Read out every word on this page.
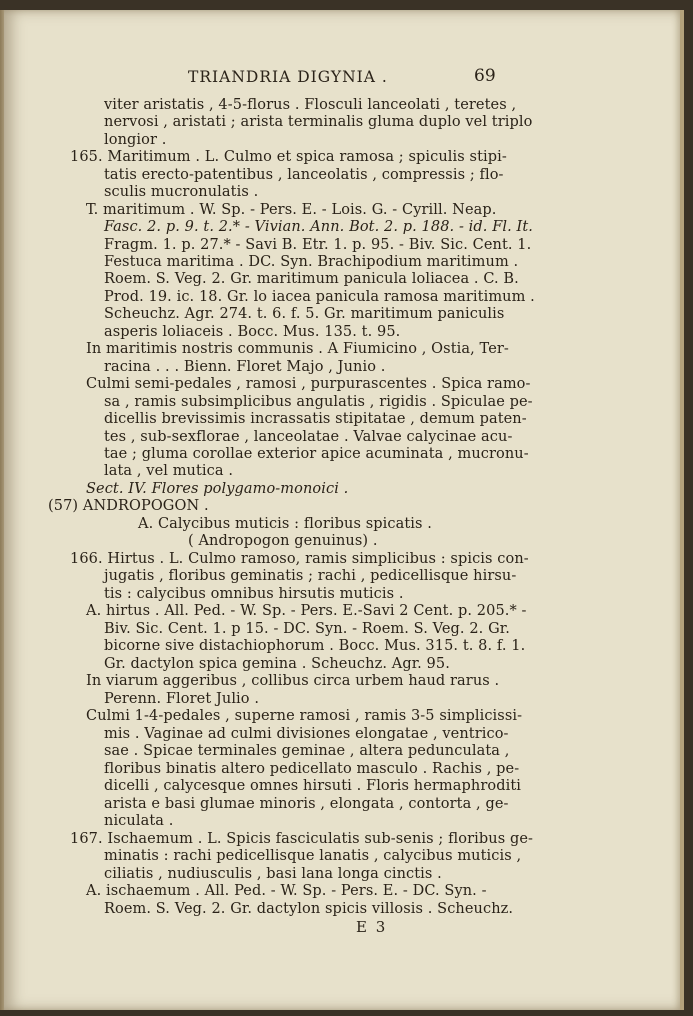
TRIANDRIA DIGYNIA .	69
viter aristatis , 4-5-florus . Flosculi lanceolati , teretes ,
nervosi , aristati ; arista terminalis gluma duplo vel triplo
longior .
165. Maritimum . L. Culmo et spica ramosa ; spiculis stipi-
tatis erecto-patentibus , lanceolatis , compressis ; flo-
sculis mucronulatis .
T. maritimum . W. Sp. - Pers. E. - Lois. G. - Cyrill. Neap.
Fasc. 2. p. 9. t. 2.* - Vivian. Ann. Bot. 2. p. 188. - id. Fl. It.
Fragm. 1. p. 27.* - Savi B. Etr. 1. p. 95. - Biv. Sic. Cent. 1.
Festuca maritima . DC. Syn. Brachipodium maritimum .
Roem. S. Veg. 2. Gr. maritimum panicula loliacea . C. B.
Prod. 19. ic. 18. Gr. lo iacea panicula ramosa maritimum .
Scheuchz. Agr. 274. t. 6. f. 5. Gr. maritimum paniculis
asperis loliaceis . Bocc. Mus. 135. t. 95.
In maritimis nostris communis . A Fiumicino , Ostia, Ter-
racina . . . Bienn. Floret Majo , Junio .
Culmi semi-pedales , ramosi , purpurascentes . Spica ramo-
sa , ramis subsimplicibus angulatis , rigidis . Spiculae pe-
dicellis brevissimis incrassatis stipitatae , demum paten-
tes , sub-sexflorae , lanceolatae . Valvae calycinae acu-
tae ; gluma corollae exterior apice acuminata , mucronu-
lata , vel mutica .
Sect. IV. Flores polygamo-monoici .
(57) ANDROPOGON .
A. Calycibus muticis : floribus spicatis .
( Andropogon genuinus) .
166. Hirtus . L. Culmo ramoso, ramis simplicibus : spicis con-
jugatis , floribus geminatis ; rachi , pedicellisque hirsu-
tis : calycibus omnibus hirsutis muticis .
A. hirtus . All. Ped. - W. Sp. - Pers. E.-Savi 2 Cent. p. 205.* -
Biv. Sic. Cent. 1. p 15. - DC. Syn. - Roem. S. Veg. 2. Gr.
bicorne sive distachiophorum . Bocc. Mus. 315. t. 8. f. 1.
Gr. dactylon spica gemina . Scheuchz. Agr. 95.
In viarum aggeribus , collibus circa urbem haud rarus .
Perenn. Floret Julio .
Culmi 1-4-pedales , superne ramosi , ramis 3-5 simplicissi-
mis . Vaginae ad culmi divisiones elongatae , ventrico-
sae . Spicae terminales geminae , altera pedunculata ,
floribus binatis altero pedicellato masculo . Rachis , pe-
dicelli , calycesque omnes hirsuti . Floris hermaphroditi
arista e basi glumae minoris , elongata , contorta , ge-
niculata .
167. Ischaemum . L. Spicis fasciculatis sub-senis ; floribus ge-
minatis : rachi pedicellisque lanatis , calycibus muticis ,
ciliatis , nudiusculis , basi lana longa cinctis .
A. ischaemum . All. Ped. - W. Sp. - Pers. E. - DC. Syn. -
Roem. S. Veg. 2. Gr. dactylon spicis villosis . Scheuchz.
E 3
